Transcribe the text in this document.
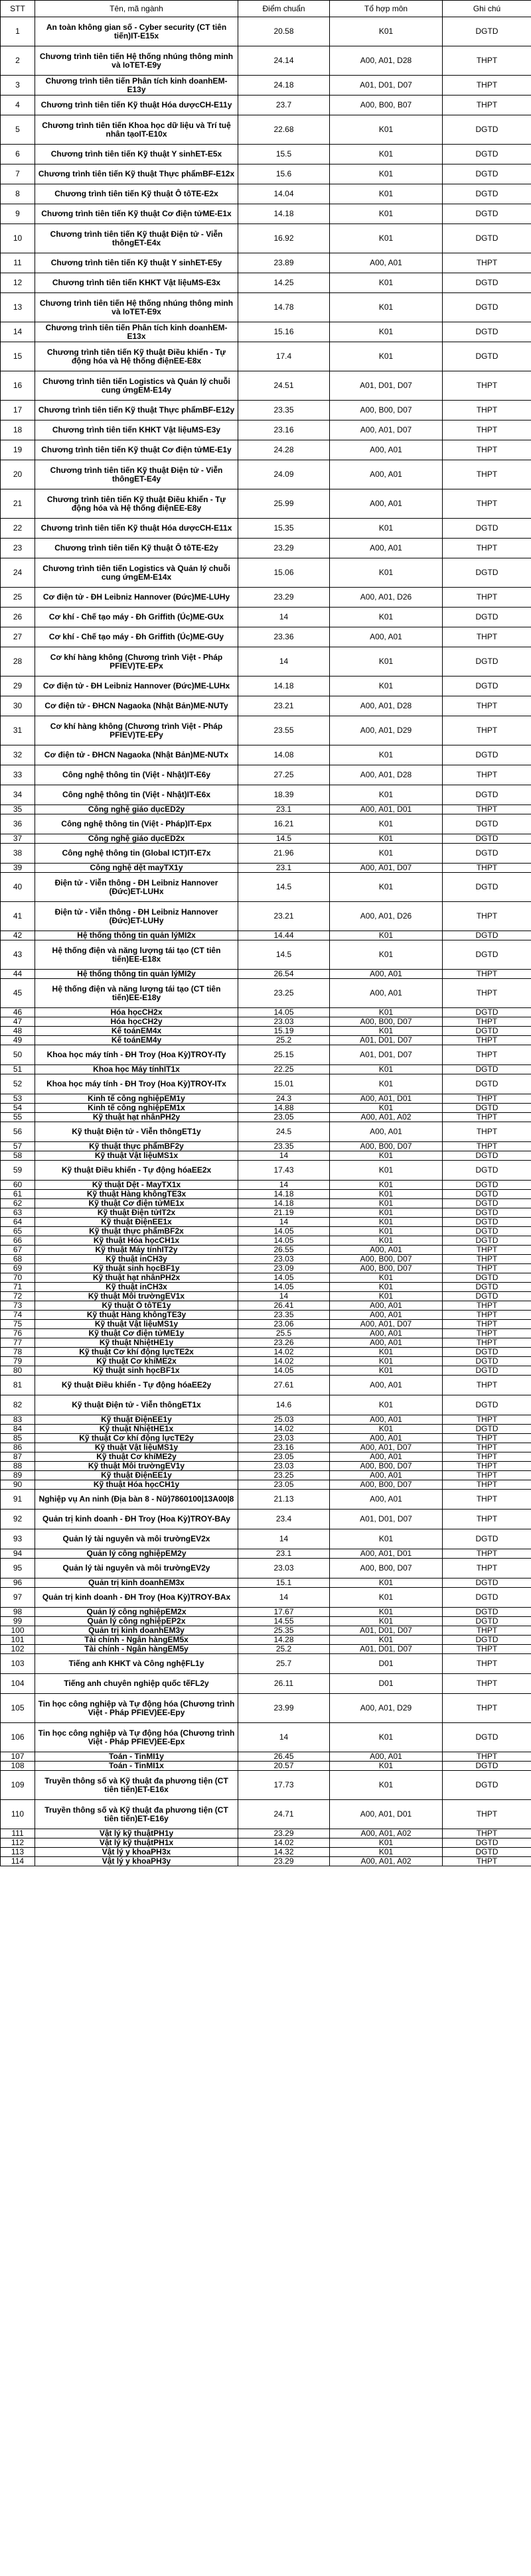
STT	Tên, mã ngành	Điểm chuẩn	Tổ hợp môn	Ghi chú
1	An toàn không gian số - Cyber security (CT tiên tiến)IT-E15x	20.58	K01	DGTD
2	Chương trình tiên tiến Hệ thống nhúng thông minh và IoTET-E9y	24.14	A00, A01, D28	THPT
3	Chương trình tiên tiến Phân tích kinh doanhEM-E13y	24.18	A01, D01, D07	THPT
4	Chương trình tiên tiến Kỹ thuật Hóa dượcCH-E11y	23.7	A00, B00, B07	THPT
5	Chương trình tiên tiến Khoa học dữ liệu và Trí tuệ nhân tạoIT-E10x	22.68	K01	DGTD
6	Chương trình tiên tiến Kỹ thuật Y sinhET-E5x	15.5	K01	DGTD
7	Chương trình tiên tiến Kỹ thuật Thực phẩmBF-E12x	15.6	K01	DGTD
8	Chương trình tiên tiến Kỹ thuật Ô tôTE-E2x	14.04	K01	DGTD
9	Chương trình tiên tiến Kỹ thuật Cơ điện tửME-E1x	14.18	K01	DGTD
10	Chương trình tiên tiến Kỹ thuật Điện tử - Viễn thôngET-E4x	16.92	K01	DGTD
11	Chương trình tiên tiến Kỹ thuật Y sinhET-E5y	23.89	A00, A01	THPT
12	Chương trình tiên tiến KHKT Vật liệuMS-E3x	14.25	K01	DGTD
13	Chương trình tiên tiến Hệ thống nhúng thông minh và IoTET-E9x	14.78	K01	DGTD
14	Chương trình tiên tiến Phân tích kinh doanhEM-E13x	15.16	K01	DGTD
15	Chương trình tiên tiến Kỹ thuật Điều khiển - Tự động hóa và Hệ thống điệnEE-E8x	17.4	K01	DGTD
16	Chương trình tiên tiến Logistics và Quản lý chuỗi cung ứngEM-E14y	24.51	A01, D01, D07	THPT
17	Chương trình tiên tiến Kỹ thuật Thực phẩmBF-E12y	23.35	A00, B00, D07	THPT
18	Chương trình tiên tiến KHKT Vật liệuMS-E3y	23.16	A00, A01, D07	THPT
19	Chương trình tiên tiến Kỹ thuật Cơ điện tửME-E1y	24.28	A00, A01	THPT
20	Chương trình tiên tiến Kỹ thuật Điện tử - Viễn thôngET-E4y	24.09	A00, A01	THPT
21	Chương trình tiên tiến Kỹ thuật Điều khiển - Tự động hóa và Hệ thống điệnEE-E8y	25.99	A00, A01	THPT
22	Chương trình tiên tiến Kỹ thuật Hóa dượcCH-E11x	15.35	K01	DGTD
23	Chương trình tiên tiến Kỹ thuật Ô tôTE-E2y	23.29	A00, A01	THPT
24	Chương trình tiên tiến Logistics và Quản lý chuỗi cung ứngEM-E14x	15.06	K01	DGTD
25	Cơ điện tử - ĐH Leibniz Hannover (Đức)ME-LUHy	23.29	A00, A01, D26	THPT
26	Cơ khí - Chế tạo máy - Đh Griffith (Úc)ME-GUx	14	K01	DGTD
27	Cơ khí - Chế tạo máy - Đh Griffith (Úc)ME-GUy	23.36	A00, A01	THPT
28	Cơ khí hàng không (Chương trình Việt - Pháp PFIEV)TE-EPx	14	K01	DGTD
29	Cơ điện tử - ĐH Leibniz Hannover (Đức)ME-LUHx	14.18	K01	DGTD
30	Cơ điện tử - ĐHCN Nagaoka (Nhật Bản)ME-NUTy	23.21	A00, A01, D28	THPT
31	Cơ khí hàng không (Chương trình Việt - Pháp PFIEV)TE-EPy	23.55	A00, A01, D29	THPT
32	Cơ điện tử - ĐHCN Nagaoka (Nhật Bản)ME-NUTx	14.08	K01	DGTD
33	Công nghệ thông tin (Việt - Nhật)IT-E6y	27.25	A00, A01, D28	THPT
34	Công nghệ thông tin (Việt - Nhật)IT-E6x	18.39	K01	DGTD
35	Công nghệ giáo dụcED2y	23.1	A00, A01, D01	THPT
36	Công nghệ thông tin (Việt - Pháp)IT-Epx	16.21	K01	DGTD
37	Công nghệ giáo dụcED2x	14.5	K01	DGTD
38	Công nghệ thông tin (Global ICT)IT-E7x	21.96	K01	DGTD
39	Công nghệ dệt mayTX1y	23.1	A00, A01, D07	THPT
40	Điện tử - Viễn thông - ĐH Leibniz Hannover (Đức)ET-LUHx	14.5	K01	DGTD
41	Điện tử - Viễn thông - ĐH Leibniz Hannover (Đức)ET-LUHy	23.21	A00, A01, D26	THPT
42	Hệ thống thông tin quản lýMI2x	14.44	K01	DGTD
43	Hệ thống điện và năng lượng tái tạo (CT tiên tiến)EE-E18x	14.5	K01	DGTD
44	Hệ thống thông tin quản lýMI2y	26.54	A00, A01	THPT
45	Hệ thống điện và năng lượng tái tạo (CT tiên tiến)EE-E18y	23.25	A00, A01	THPT
46	Hóa họcCH2x	14.05	K01	DGTD
47	Hóa họcCH2y	23.03	A00, B00, D07	THPT
48	Kế toánEM4x	15.19	K01	DGTD
49	Kế toánEM4y	25.2	A01, D01, D07	THPT
50	Khoa học máy tính - ĐH Troy (Hoa Kỳ)TROY-ITy	25.15	A01, D01, D07	THPT
51	Khoa học Máy tínhIT1x	22.25	K01	DGTD
52	Khoa học máy tính - ĐH Troy (Hoa Kỳ)TROY-ITx	15.01	K01	DGTD
53	Kinh tế công nghiệpEM1y	24.3	A00, A01, D01	THPT
54	Kinh tế công nghiệpEM1x	14.88	K01	DGTD
55	Kỹ thuật hạt nhânPH2y	23.05	A00, A01, A02	THPT
56	Kỹ thuật Điện tử - Viễn thôngET1y	24.5	A00, A01	THPT
57	Kỹ thuật thực phẩmBF2y	23.35	A00, B00, D07	THPT
58	Kỹ thuật Vật liệuMS1x	14	K01	DGTD
59	Kỹ thuật Điều khiển - Tự động hóaEE2x	17.43	K01	DGTD
60	Kỹ thuật Dệt - MayTX1x	14	K01	DGTD
61	Kỹ thuật Hàng khôngTE3x	14.18	K01	DGTD
62	Kỹ thuật Cơ điện tửME1x	14.18	K01	DGTD
63	Kỹ thuật Điện tửIT2x	21.19	K01	DGTD
64	Kỹ thuật ĐiệnEE1x	14	K01	DGTD
65	Kỹ thuật thực phẩmBF2x	14.05	K01	DGTD
66	Kỹ thuật Hóa họcCH1x	14.05	K01	DGTD
67	Kỹ thuật Máy tínhIT2y	26.55	A00, A01	THPT
68	Kỹ thuật inCH3y	23.03	A00, B00, D07	THPT
69	Kỹ thuật sinh họcBF1y	23.09	A00, B00, D07	THPT
70	Kỹ thuật hạt nhânPH2x	14.05	K01	DGTD
71	Kỹ thuật inCH3x	14.05	K01	DGTD
72	Kỹ thuật Môi trườngEV1x	14	K01	DGTD
73	Kỹ thuật Ô tôTE1y	26.41	A00, A01	THPT
74	Kỹ thuật Hàng khôngTE3y	23.35	A00, A01	THPT
75	Kỹ thuật Vật liệuMS1y	23.06	A00, A01, D07	THPT
76	Kỹ thuật Cơ điện tửME1y	25.5	A00, A01	THPT
77	Kỹ thuật NhiệtHE1y	23.26	A00, A01	THPT
78	Kỹ thuật Cơ khí động lựcTE2x	14.02	K01	DGTD
79	Kỹ thuật Cơ khíME2x	14.02	K01	DGTD
80	Kỹ thuật sinh họcBF1x	14.05	K01	DGTD
81	Kỹ thuật Điều khiển - Tự động hóaEE2y	27.61	A00, A01	THPT
82	Kỹ thuật Điện tử - Viễn thôngET1x	14.6	K01	DGTD
83	Kỹ thuật ĐiệnEE1y	25.03	A00, A01	THPT
84	Kỹ thuật NhiệtHE1x	14.02	K01	DGTD
85	Kỹ thuật Cơ khí động lựcTE2y	23.03	A00, A01	THPT
86	Kỹ thuật Vật liệuMS1y	23.16	A00, A01, D07	THPT
87	Kỹ thuật Cơ khíME2y	23.05	A00, A01	THPT
88	Kỹ thuật Môi trườngEV1y	23.03	A00, B00, D07	THPT
89	Kỹ thuật ĐiệnEE1y	23.25	A00, A01	THPT
90	Kỹ thuật Hóa họcCH1y	23.05	A00, B00, D07	THPT
91	Nghiệp vụ An ninh (Địa bàn 8 - Nữ)7860100|13A00|8	21.13	A00, A01	THPT
92	Quản trị kinh doanh - ĐH Troy (Hoa Kỳ)TROY-BAy	23.4	A01, D01, D07	THPT
93	Quản lý tài nguyên và môi trườngEV2x	14	K01	DGTD
94	Quản lý công nghiệpEM2y	23.1	A00, A01, D01	THPT
95	Quản lý tài nguyên và môi trườngEV2y	23.03	A00, B00, D07	THPT
96	Quản trị kinh doanhEM3x	15.1	K01	DGTD
97	Quản trị kinh doanh - ĐH Troy (Hoa Kỳ)TROY-BAx	14	K01	DGTD
98	Quản lý công nghiệpEM2x	17.67	K01	DGTD
99	Quản lý công nghiệpEP2x	14.55	K01	DGTD
100	Quản trị kinh doanhEM3y	25.35	A01, D01, D07	THPT
101	Tài chính - Ngân hàngEM5x	14.28	K01	DGTD
102	Tài chính - Ngân hàngEM5y	25.2	A01, D01, D07	THPT
103	Tiếng anh KHKT và Công nghệFL1y	25.7	D01	THPT
104	Tiếng anh chuyên nghiệp quốc tếFL2y	26.11	D01	THPT
105	Tin học công nghiệp và Tự động hóa (Chương trình Việt - Pháp PFIEV)EE-Epy	23.99	A00, A01, D29	THPT
106	Tin học công nghiệp và Tự động hóa (Chương trình Việt - Pháp PFIEV)EE-Epx	14	K01	DGTD
107	Toán - TinMI1y	26.45	A00, A01	THPT
108	Toán - TinMI1x	20.57	K01	DGTD
109	Truyền thông số và Kỹ thuật đa phương tiện (CT tiên tiến)ET-E16x	17.73	K01	DGTD
110	Truyền thông số và Kỹ thuật đa phương tiện (CT tiên tiến)ET-E16y	24.71	A00, A01, D01	THPT
111	Vật lý kỹ thuậtPH1y	23.29	A00, A01, A02	THPT
112	Vật lý kỹ thuậtPH1x	14.02	K01	DGTD
113	Vật lý y khoaPH3x	14.32	K01	DGTD
114	Vật lý y khoaPH3y	23.29	A00, A01, A02	THPT
